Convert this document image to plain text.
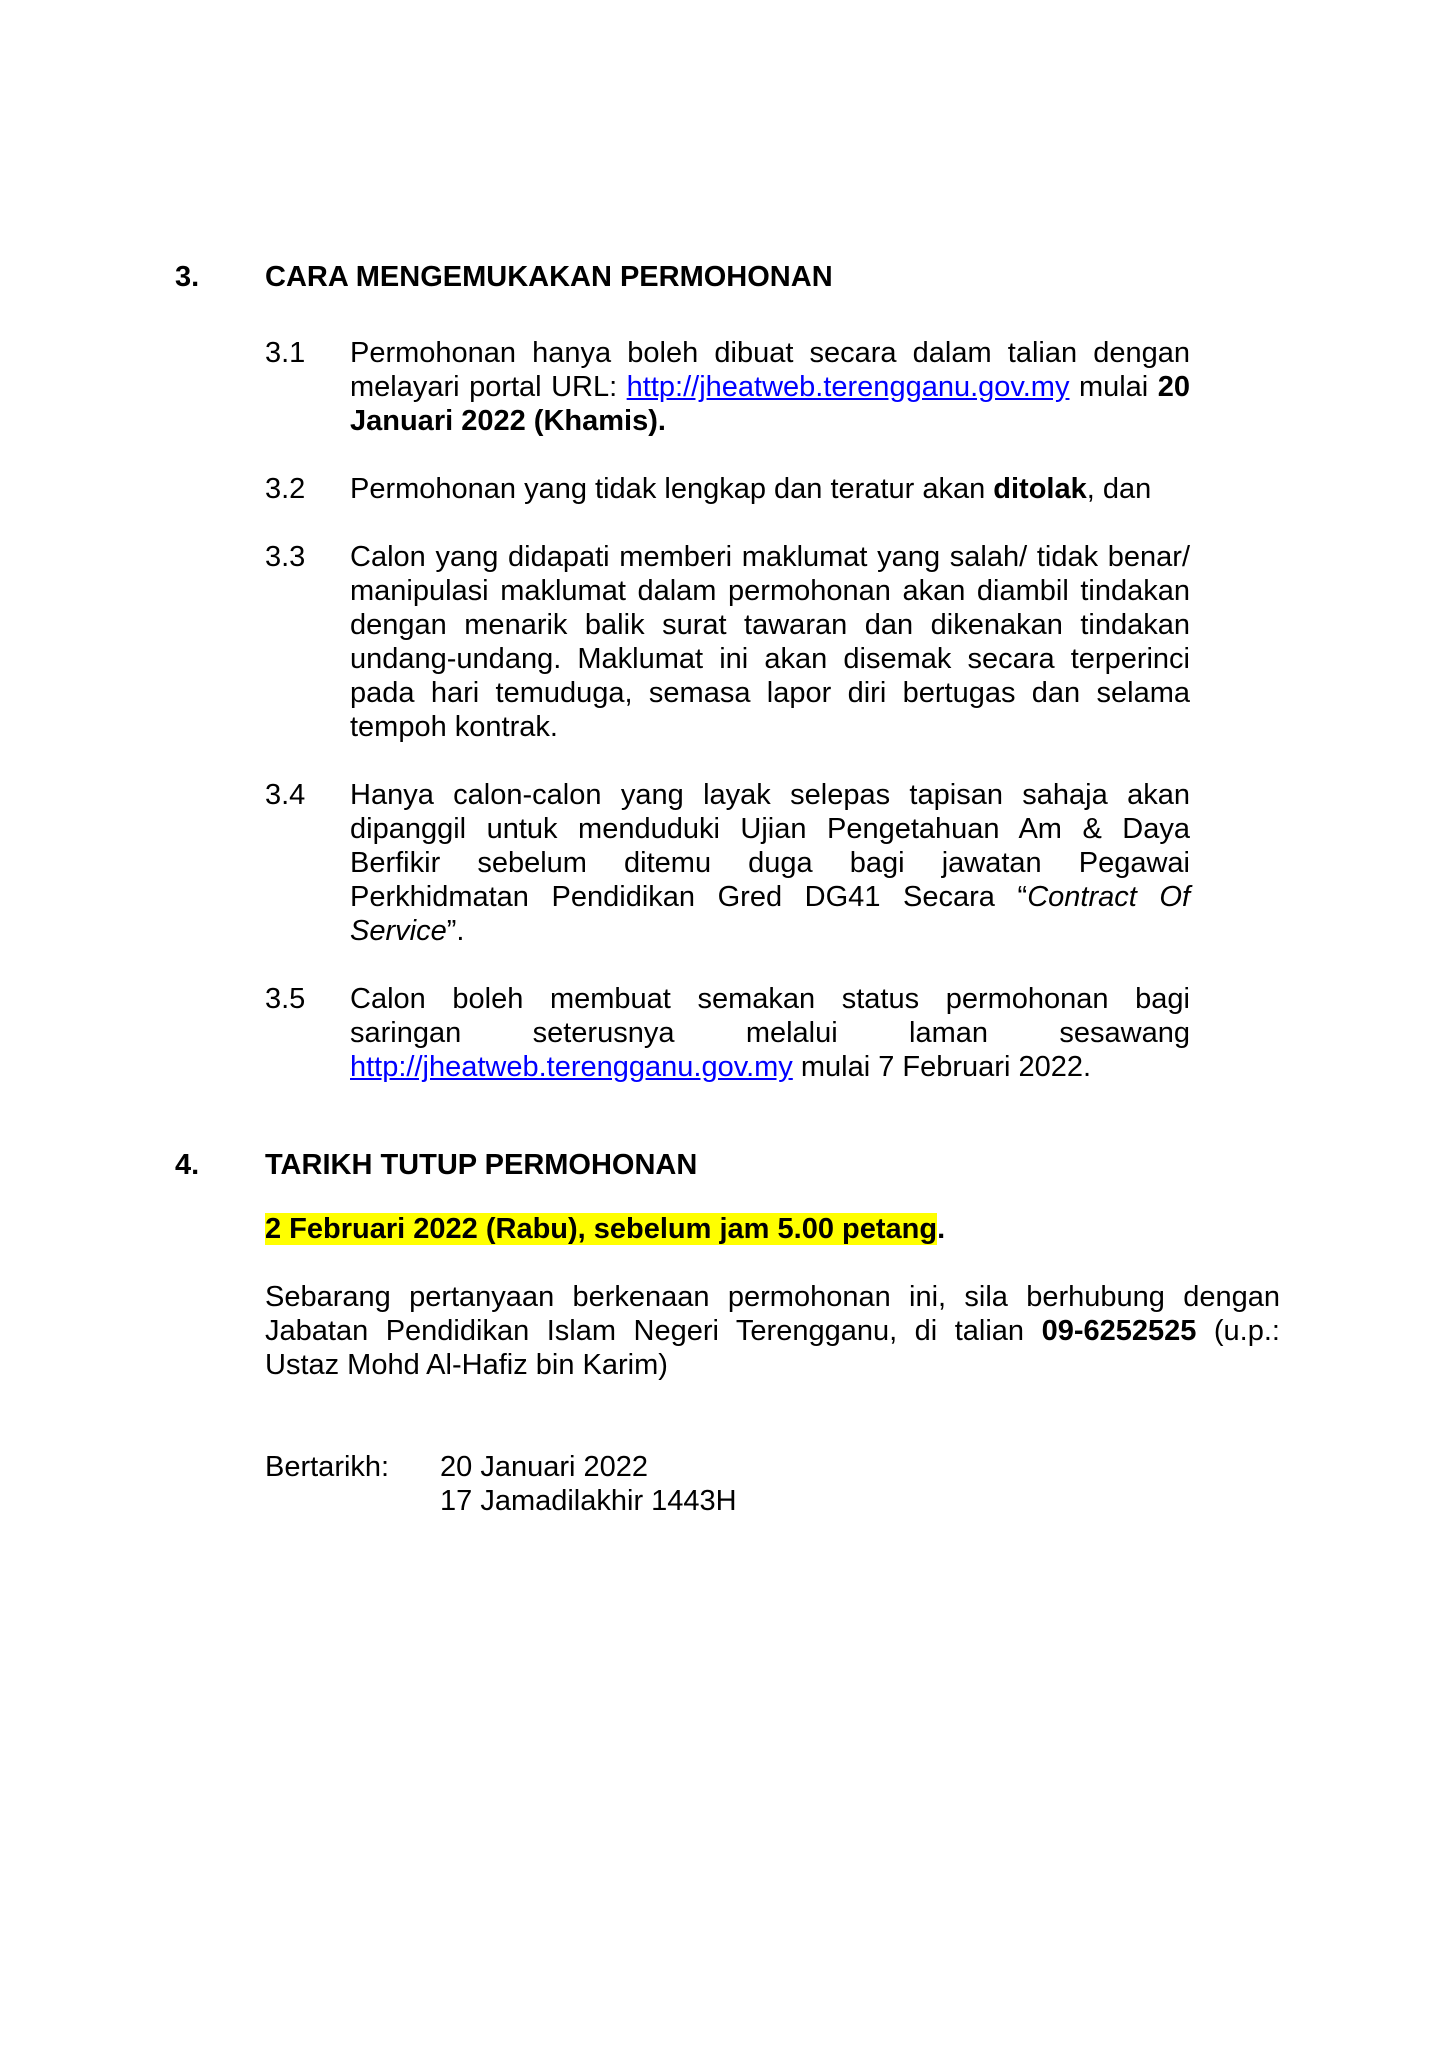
3.	CARA MENGEMUKAKAN PERMOHONAN
3.1	Permohonan hanya boleh dibuat secara dalam talian dengan melayari portal URL: http://jheatweb.terengganu.gov.my mulai 20 Januari 2022 (Khamis).

3.2	Permohonan yang tidak lengkap dan teratur akan ditolak, dan

3.3	Calon yang didapati memberi maklumat yang salah/ tidak benar/ manipulasi maklumat dalam permohonan akan diambil tindakan dengan menarik balik surat tawaran dan dikenakan tindakan undang-undang. Maklumat ini akan disemak secara terperinci pada hari temuduga, semasa lapor diri bertugas dan selama tempoh kontrak.

3.4	Hanya calon-calon yang layak selepas tapisan sahaja akan dipanggil untuk menduduki Ujian Pengetahuan Am & Daya Berfikir sebelum ditemu duga bagi jawatan Pegawai Perkhidmatan Pendidikan Gred DG41 Secara “Contract Of Service”.

3.5	Calon boleh membuat semakan status permohonan bagi saringan seterusnya melalui laman sesawang http://jheatweb.terengganu.gov.my mulai 7 Februari 2022.

4.	TARIKH TUTUP PERMOHONAN

2 Februari 2022 (Rabu), sebelum jam 5.00 petang.

Sebarang pertanyaan berkenaan permohonan ini, sila berhubung dengan Jabatan Pendidikan Islam Negeri Terengganu, di talian 09-6252525 (u.p.: Ustaz Mohd Al-Hafiz bin Karim)

Bertarikh:	20 Januari 2022
17 Jamadilakhir 1443H
